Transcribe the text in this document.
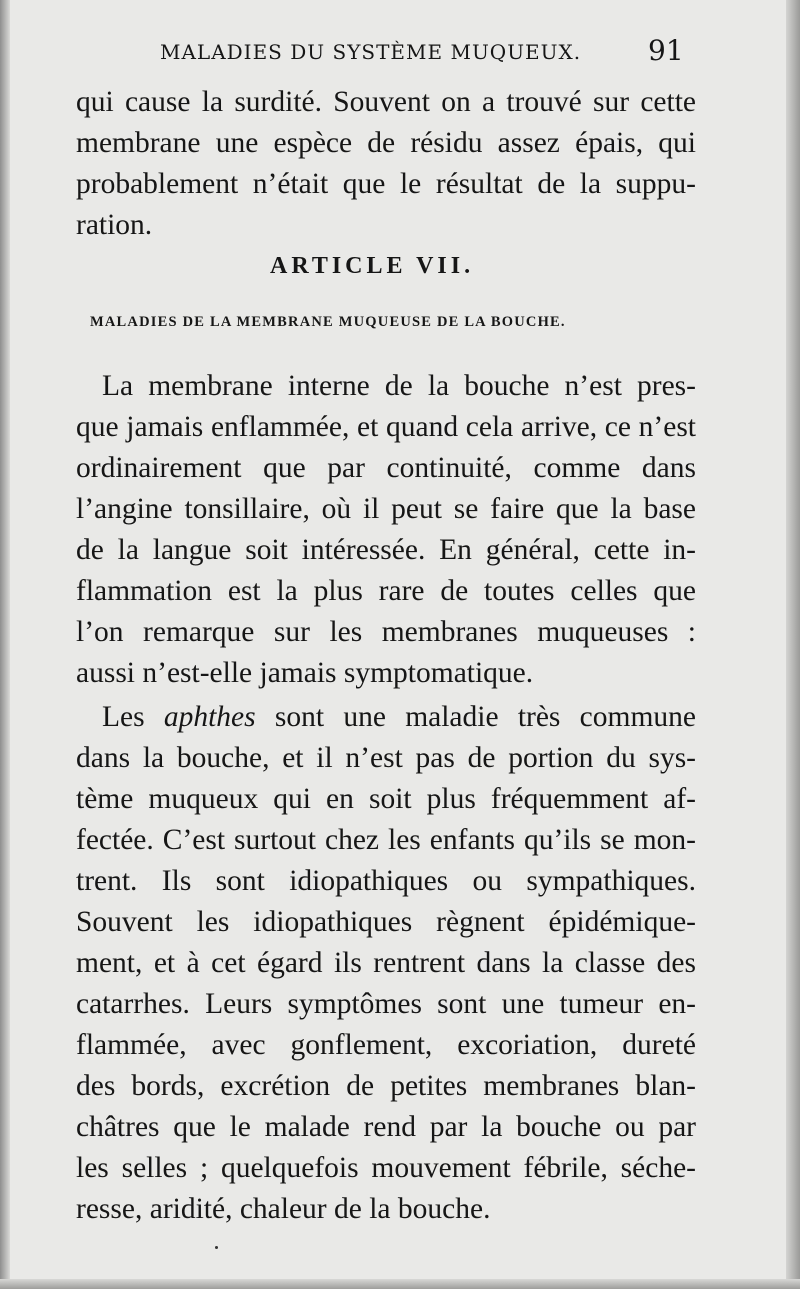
MALADIES DU SYSTÈME MUQUEUX. 91
qui cause la surdité. Souvent on a trouvé sur cette
membrane une espèce de résidu assez épais, qui
probablement n’était que le résultat de la suppu-
ration.
ARTICLE VII.
MALADIES DE LA MEMBRANE MUQUEUSE DE LA BOUCHE.
La membrane interne de la bouche n’est pres-
que jamais enflammée, et quand cela arrive, ce n’est
ordinairement que par continuité, comme dans
l’angine tonsillaire, où il peut se faire que la base
de la langue soit intéressée. En général, cette in-
flammation est la plus rare de toutes celles que
l’on remarque sur les membranes muqueuses :
aussi n’est-elle jamais symptomatique.
Les aphthes sont une maladie très commune
dans la bouche, et il n’est pas de portion du sys-
tème muqueux qui en soit plus fréquemment af-
fectée. C’est surtout chez les enfants qu’ils se mon-
trent. Ils sont idiopathiques ou sympathiques.
Souvent les idiopathiques règnent épidémique-
ment, et à cet égard ils rentrent dans la classe des
catarrhes. Leurs symptômes sont une tumeur en-
flammée, avec gonflement, excoriation, dureté
des bords, excrétion de petites membranes blan-
châtres que le malade rend par la bouche ou par
les selles ; quelquefois mouvement fébrile, séche-
resse, aridité, chaleur de la bouche.
